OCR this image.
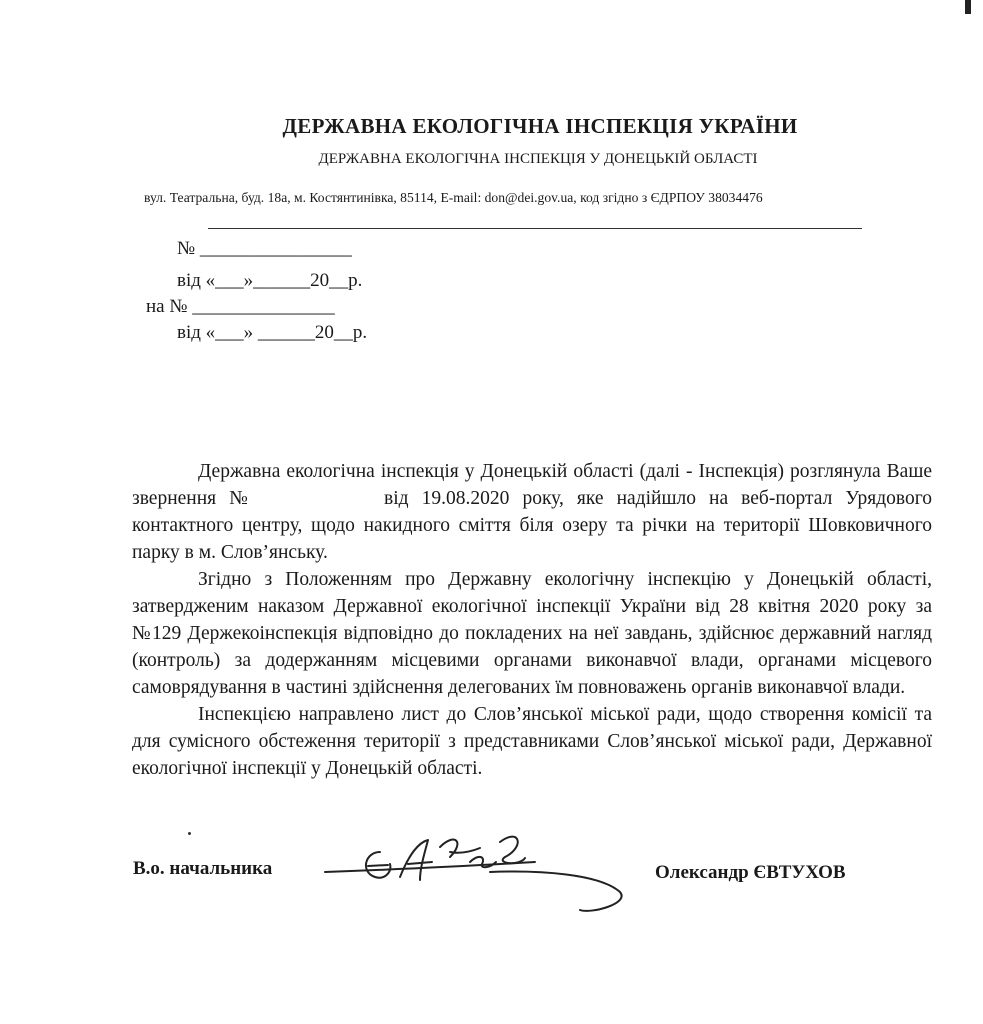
ДЕРЖАВНА ЕКОЛОГІЧНА ІНСПЕКЦІЯ УКРАЇНИ
ДЕРЖАВНА ЕКОЛОГІЧНА ІНСПЕКЦІЯ У ДОНЕЦЬКІЙ ОБЛАСТІ
вул. Театральна, буд. 18а, м. Костянтинівка, 85114, E-mail: don@dei.gov.ua, код згідно з ЄДРПОУ 38034476
№ ________________
від «___»______20__р.
на № _______________
від «___» ______20__р.

Державна екологічна інспекція у Донецькій області (далі - Інспекція) розглянула Ваше звернення №	від 19.08.2020 року, яке надійшло на веб-портал Урядового контактного центру, щодо накидного сміття біля озеру та річки на території Шовковичного парку в м. Слов’янську.

Згідно з Положенням про Державну екологічну інспекцію у Донецькій області, затвердженим наказом Державної екологічної інспекції України від 28 квітня 2020 року за №129 Держекоінспекція відповідно до покладених на неї завдань, здійснює державний нагляд (контроль) за додержанням місцевими органами виконавчої влади, органами місцевого самоврядування в частині здійснення делегованих їм повноважень органів виконавчої влади.

Інспекцією направлено лист до Слов’янської міської ради, щодо створення комісії та для сумісного обстеження території з представниками Слов’янської міської ради, Державної екологічної інспекції у Донецькій області.

В.о. начальника	Олександр ЄВТУХОВ
